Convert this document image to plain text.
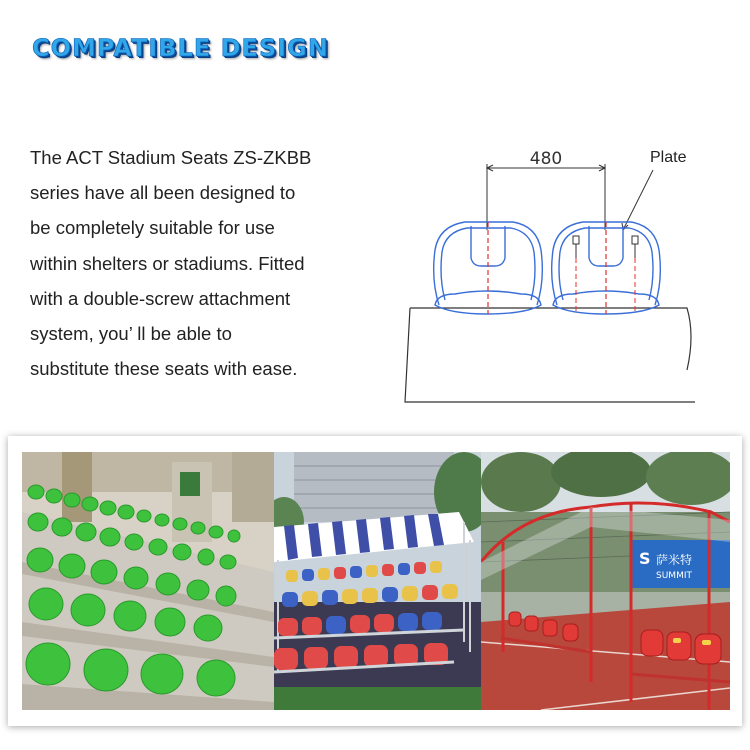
COMPATIBLE DESIGN
The ACT Stadium Seats ZS-ZKBB
series have all been designed to
be completely suitable for use
within shelters or stadiums. Fitted
with a double-screw attachment
system, you’ ll be able to
substitute these seats with ease.
480	Plate
S 萨米特
SUMMIT
